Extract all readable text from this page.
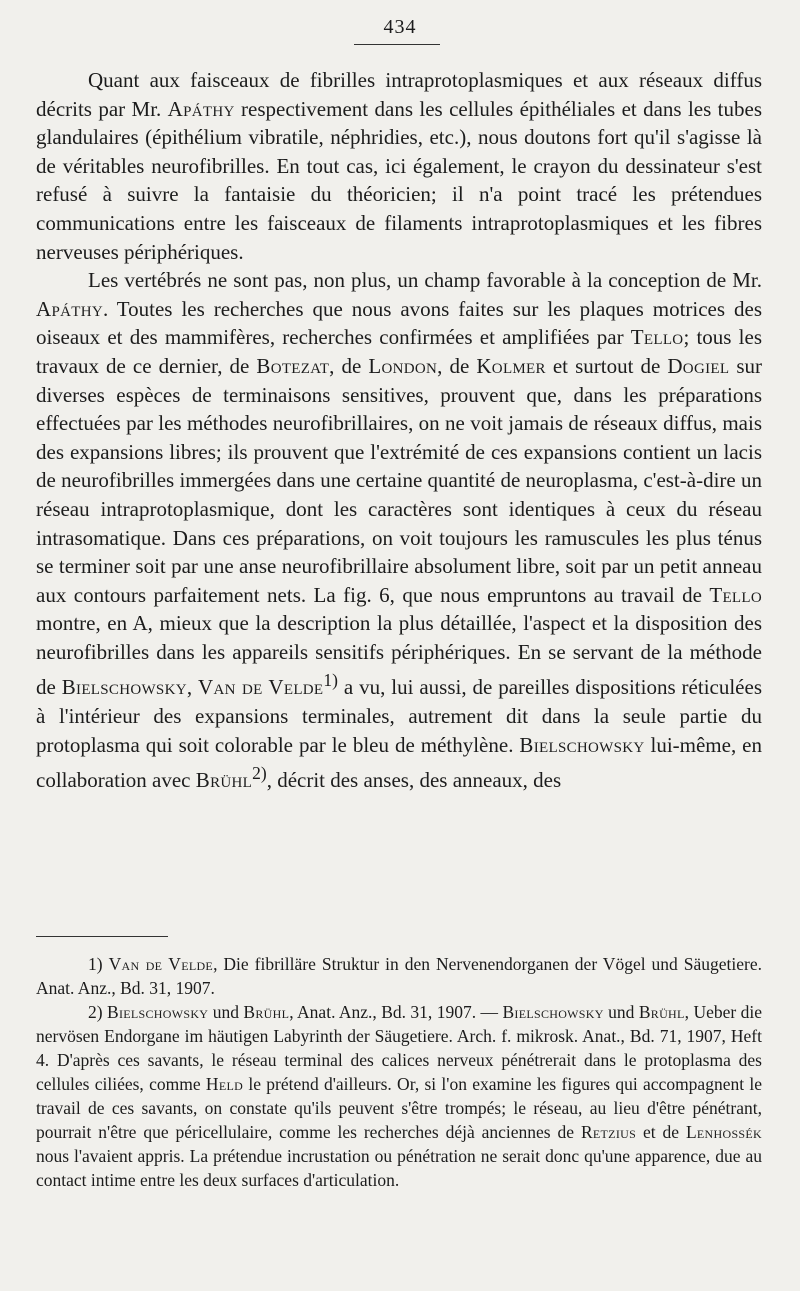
434

Quant aux faisceaux de fibrilles intraprotoplasmiques et aux réseaux diffus décrits par Mr. Apáthy respectivement dans les cellules épithéliales et dans les tubes glandulaires (épithélium vibratile, néphridies, etc.), nous doutons fort qu'il s'agisse là de véritables neurofibrilles. En tout cas, ici également, le crayon du dessinateur s'est refusé à suivre la fantaisie du théoricien; il n'a point tracé les prétendues communications entre les faisceaux de filaments intraprotoplasmiques et les fibres nerveuses périphériques.

Les vertébrés ne sont pas, non plus, un champ favorable à la conception de Mr. Apáthy. Toutes les recherches que nous avons faites sur les plaques motrices des oiseaux et des mammifères, recherches confirmées et amplifiées par Tello; tous les travaux de ce dernier, de Botezat, de London, de Kolmer et surtout de Dogiel sur diverses espèces de terminaisons sensitives, prouvent que, dans les préparations effectuées par les méthodes neurofibrillaires, on ne voit jamais de réseaux diffus, mais des expansions libres; ils prouvent que l'extrémité de ces expansions contient un lacis de neurofibrilles immergées dans une certaine quantité de neuroplasma, c'est-à-dire un réseau intraprotoplasmique, dont les caractères sont identiques à ceux du réseau intrasomatique. Dans ces préparations, on voit toujours les ramuscules les plus ténus se terminer soit par une anse neurofibrillaire absolument libre, soit par un petit anneau aux contours parfaitement nets. La fig. 6, que nous empruntons au travail de Tello montre, en A, mieux que la description la plus détaillée, l'aspect et la disposition des neurofibrilles dans les appareils sensitifs périphériques. En se servant de la méthode de Bielschowsky, Van de Velde$^{1)}$ a vu, lui aussi, de pareilles dispositions réticulées à l'intérieur des expansions terminales, autrement dit dans la seule partie du protoplasma qui soit colorable par le bleu de méthylène. Bielschowsky lui-même, en collaboration avec Brühl$^{2)}$, décrit des anses, des anneaux, des

1) Van de Velde, Die fibrilläre Struktur in den Nervenendorganen der Vögel und Säugetiere. Anat. Anz., Bd. 31, 1907.

2) Bielschowsky und Brühl, Anat. Anz., Bd. 31, 1907. — Bielschowsky und Brühl, Ueber die nervösen Endorgane im häutigen Labyrinth der Säugetiere. Arch. f. mikrosk. Anat., Bd. 71, 1907, Heft 4. D'après ces savants, le réseau terminal des calices nerveux pénétrerait dans le protoplasma des cellules ciliées, comme Held le prétend d'ailleurs. Or, si l'on examine les figures qui accompagnent le travail de ces savants, on constate qu'ils peuvent s'être trompés; le réseau, au lieu d'être pénétrant, pourrait n'être que péricellulaire, comme les recherches déjà anciennes de Retzius et de Lenhossék nous l'avaient appris. La prétendue incrustation ou pénétration ne serait donc qu'une apparence, due au contact intime entre les deux surfaces d'articulation.
